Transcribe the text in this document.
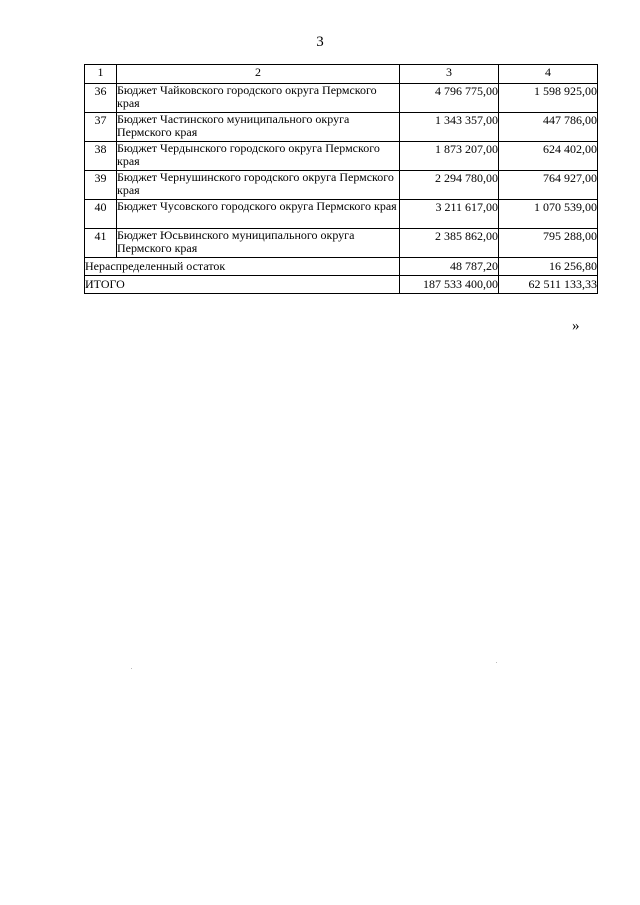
3
1	2	3	4
36	Бюджет Чайковского городского округа Пермского края	4 796 775,00	1 598 925,00
37	Бюджет Частинского муниципального округа Пермского края	1 343 357,00	447 786,00
38	Бюджет Чердынского городского округа Пермского края	1 873 207,00	624 402,00
39	Бюджет Чернушинского городского округа Пермского края	2 294 780,00	764 927,00
40	Бюджет Чусовского городского округа Пермского края	3 211 617,00	1 070 539,00
41	Бюджет Юсьвинского муниципального округа Пермского края	2 385 862,00	795 288,00
Нераспределенный остаток		48 787,20	16 256,80
ИТОГО		187 533 400,00	62 511 133,33
»
